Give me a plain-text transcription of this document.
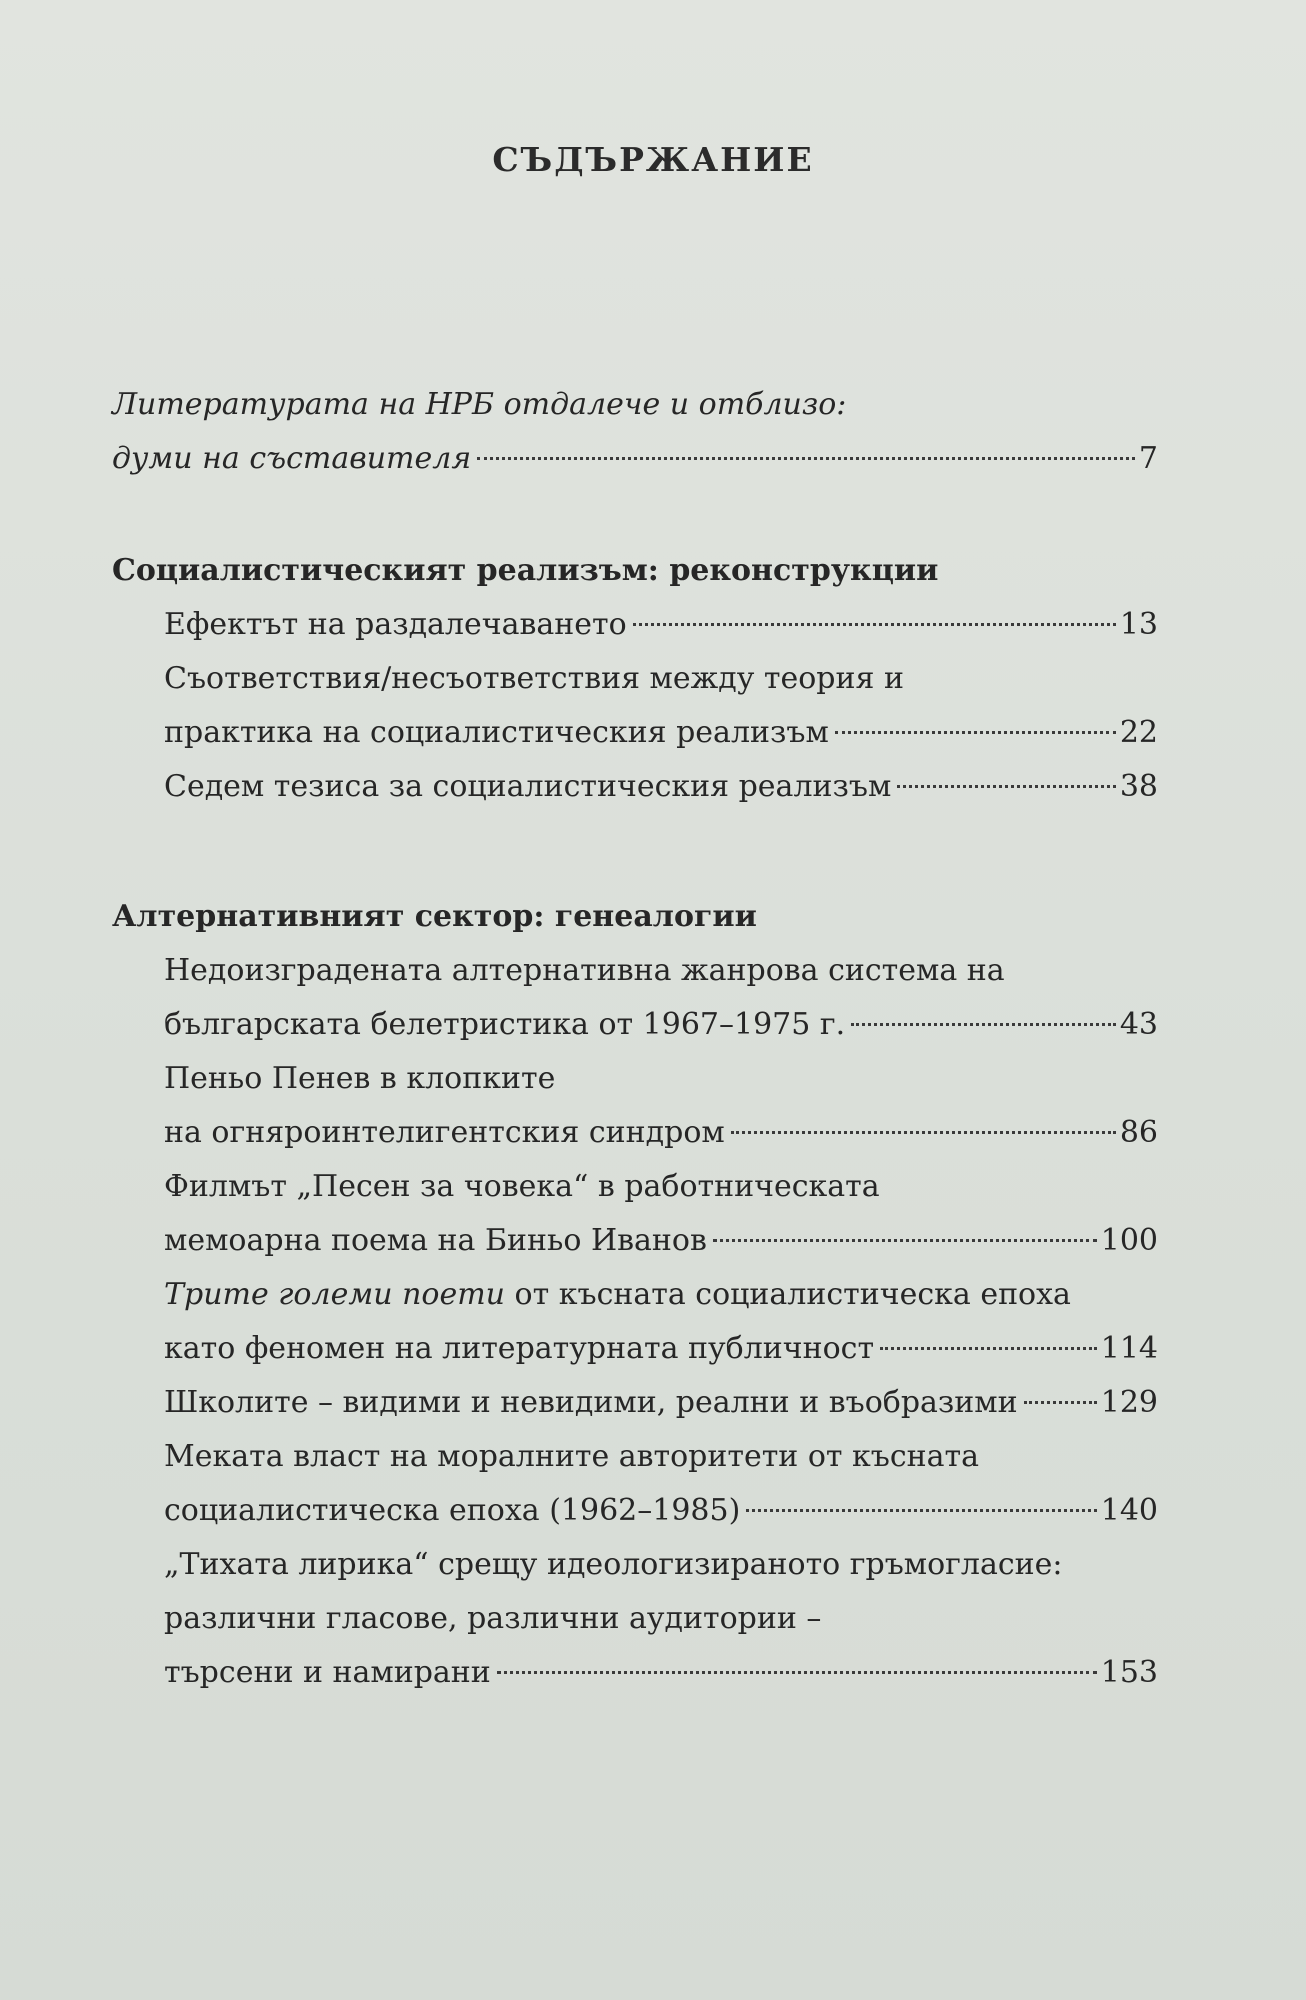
СЪДЪРЖАНИЕ
Литературата на НРБ отдалече и отблизо:
думи на съставителя	7
Социалистическият реализъм: реконструкции
Ефектът на раздалечаването	13
Съответствия/несъответствия между теория и
практика на социалистическия реализъм	22
Седем тезиса за социалистическия реализъм	38
Алтернативният сектор: генеалогии
Недоизградената алтернативна жанрова система на
българската белетристика от 1967–1975 г.	43
Пеньо Пенев в клопките
на огняроинтелигентския синдром	86
Филмът „Песен за човека“ в работническата
мемоарна поема на Биньо Иванов	100
Трите големи поети от късната социалистическа епоха
като феномен на литературната публичност	114
Школите – видими и невидими, реални и въобразими	129
Меката власт на моралните авторитети от късната
социалистическа епоха (1962–1985)	140
„Тихата лирика“ срещу идеологизираното гръмогласие:
различни гласове, различни аудитории –
търсени и намирани	153
